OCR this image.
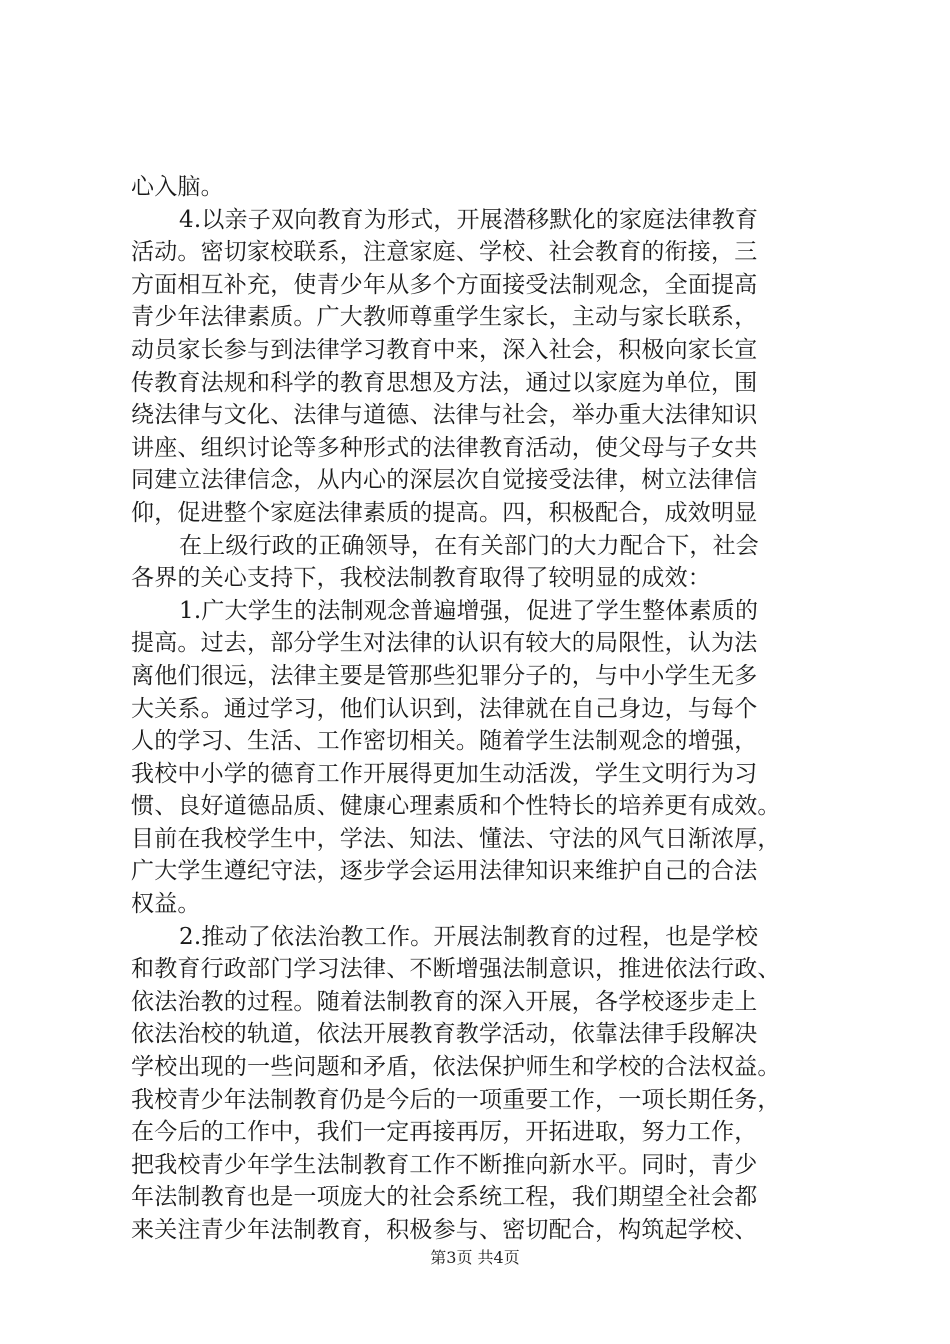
心入脑。
4.以亲子双向教育为形式，开展潜移默化的家庭法律教育
活动。密切家校联系，注意家庭、学校、社会教育的衔接，三
方面相互补充，使青少年从多个方面接受法制观念，全面提高
青少年法律素质。广大教师尊重学生家长，主动与家长联系，
动员家长参与到法律学习教育中来，深入社会，积极向家长宣
传教育法规和科学的教育思想及方法，通过以家庭为单位，围
绕法律与文化、法律与道德、法律与社会，举办重大法律知识
讲座、组织讨论等多种形式的法律教育活动，使父母与子女共
同建立法律信念，从内心的深层次自觉接受法律，树立法律信
仰，促进整个家庭法律素质的提高。四，积极配合，成效明显
在上级行政的正确领导，在有关部门的大力配合下，社会
各界的关心支持下，我校法制教育取得了较明显的成效：
1.广大学生的法制观念普遍增强，促进了学生整体素质的
提高。过去，部分学生对法律的认识有较大的局限性，认为法
离他们很远，法律主要是管那些犯罪分子的，与中小学生无多
大关系。通过学习，他们认识到，法律就在自己身边，与每个
人的学习、生活、工作密切相关。随着学生法制观念的增强，
我校中小学的德育工作开展得更加生动活泼，学生文明行为习
惯、良好道德品质、健康心理素质和个性特长的培养更有成效。
目前在我校学生中，学法、知法、懂法、守法的风气日渐浓厚，
广大学生遵纪守法，逐步学会运用法律知识来维护自己的合法
权益。
2.推动了依法治教工作。开展法制教育的过程，也是学校
和教育行政部门学习法律、不断增强法制意识，推进依法行政、
依法治教的过程。随着法制教育的深入开展，各学校逐步走上
依法治校的轨道，依法开展教育教学活动，依靠法律手段解决
学校出现的一些问题和矛盾，依法保护师生和学校的合法权益。
我校青少年法制教育仍是今后的一项重要工作，一项长期任务，
在今后的工作中，我们一定再接再厉，开拓进取，努力工作，
把我校青少年学生法制教育工作不断推向新水平。同时，青少
年法制教育也是一项庞大的社会系统工程，我们期望全社会都
来关注青少年法制教育，积极参与、密切配合，构筑起学校、
第3页 共4页
